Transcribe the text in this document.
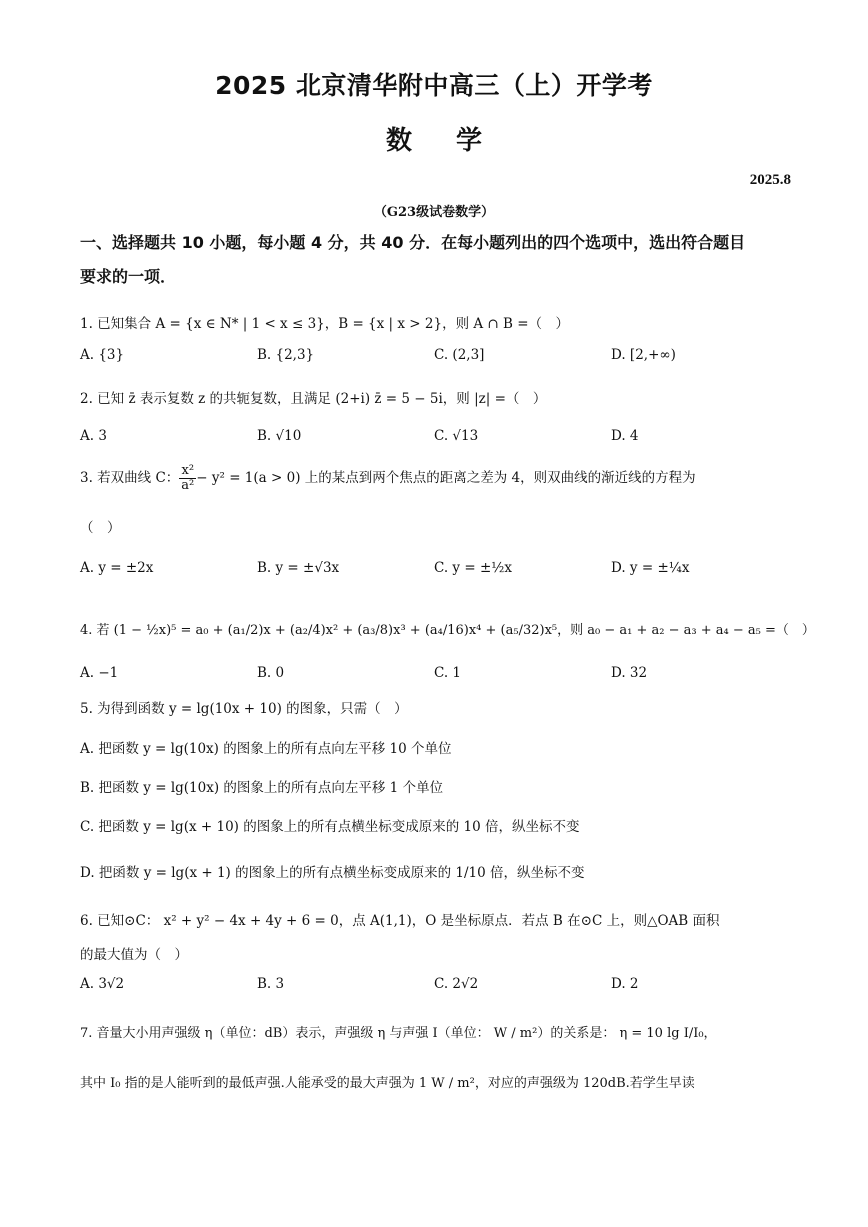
2025 北京清华附中高三（上）开学考
数学
2025.8
（G23级试卷数学）
一、选择题共 10 小题，每小题 4 分，共 40 分．在每小题列出的四个选项中，选出符合题目
要求的一项．
1. 已知集合 A = {x ∈ N* | 1 < x ≤ 3}，B = {x | x > 2}，则 A ∩ B =（　）
A. {3}	B. {2,3}	C. (2,3]	D. [2,+∞)
2. 已知 z̄ 表示复数 z 的共轭复数，且满足 (2+i) z̄ = 5 − 5i，则 |z| =（　）
A. 3	B. √10	C. √13	D. 4
3. 若双曲线 C： $\frac{\text{x²}}{\text{a²}} - y^2 = 1(a > 0)$ 上的某点到两个焦点的距离之差为 4，则双曲线的渐近线的方程为
（　）
A. y = ±2x	B. y = ±√3x	C. y = ±½x	D. y = ±¼x
4. 若 (1 − ½x)⁵ = a₀ + (a₁/2)x + (a₂/4)x² + (a₃/8)x³ + (a₄/16)x⁴ + (a₅/32)x⁵，则 a₀ − a₁ + a₂ − a₃ + a₄ − a₅ =（　）
A. −1	B. 0	C. 1	D. 32
5. 为得到函数 y = lg(10x + 10) 的图象，只需（　）
A. 把函数 y = lg(10x) 的图象上的所有点向左平移 10 个单位
B. 把函数 y = lg(10x) 的图象上的所有点向左平移 1 个单位
C. 把函数 y = lg(x + 10) 的图象上的所有点横坐标变成原来的 10 倍，纵坐标不变
D. 把函数 y = lg(x + 1) 的图象上的所有点横坐标变成原来的 1/10 倍，纵坐标不变
6. 已知⊙C： x² + y² − 4x + 4y + 6 = 0，点 A(1,1)，O 是坐标原点．若点 B 在⊙C 上，则△OAB 面积
的最大值为（　）
A. 3√2	B. 3	C. 2√2	D. 2
7. 音量大小用声强级 η（单位：dB）表示，声强级 η 与声强 I（单位： W / m²）的关系是： η = 10 lg I/I₀，
其中 I₀ 指的是人能听到的最低声强.人能承受的最大声强为 1 W / m²，对应的声强级为 120dB.若学生早读
